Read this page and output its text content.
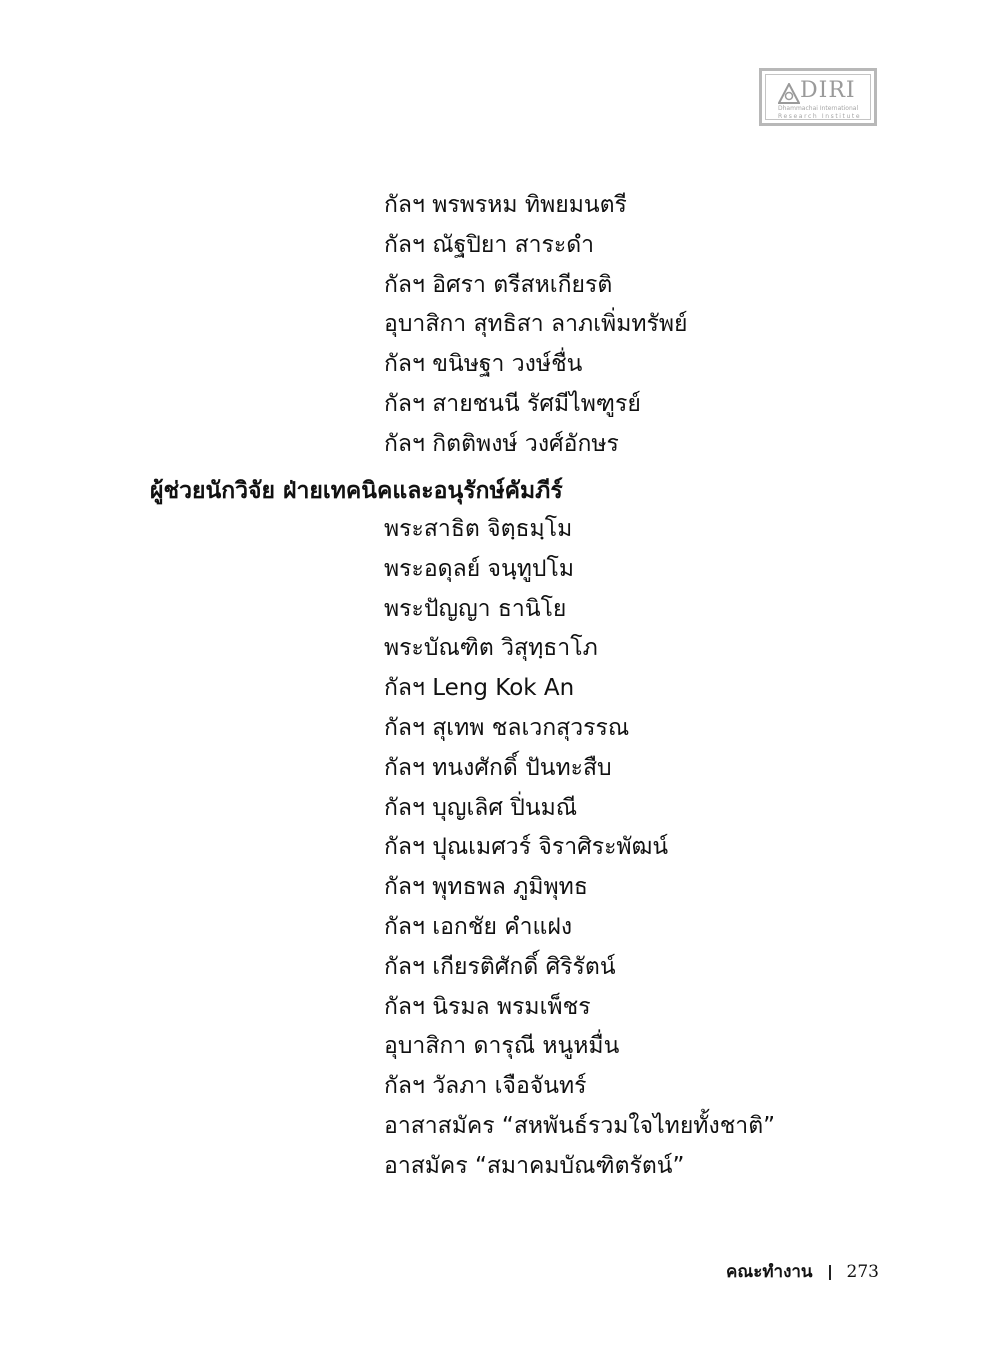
DIRI
Dhammachai International
Research Institute
กัลฯ พรพรหม ทิพยมนตรี
กัลฯ ณัฐปิยา สาระดำ
กัลฯ อิศรา ตรีสหเกียรติ
อุบาสิกา สุทธิสา ลาภเพิ่มทรัพย์
กัลฯ ขนิษฐา วงษ์ชื่น
กัลฯ สายชนนี รัศมีไพฑูรย์
กัลฯ กิตติพงษ์ วงศ์อักษร
ผู้ช่วยนักวิจัย ฝ่ายเทคนิคและอนุรักษ์คัมภีร์
พระสาธิต จิตฺธมฺโม
พระอดุลย์ จนฺทูปโม
พระปัญญา ธานิโย
พระบัณฑิต วิสุทฺธาโภ
กัลฯ Leng Kok An
กัลฯ สุเทพ ชลเวกสุวรรณ
กัลฯ ทนงศักดิ์ ปันทะสืบ
กัลฯ บุญเลิศ ปิ่นมณี
กัลฯ ปุณเมศวร์ จิราศิระพัฒน์
กัลฯ พุทธพล ภูมิพุทธ
กัลฯ เอกชัย คำแฝง
กัลฯ เกียรติศักดิ์ ศิริรัตน์
กัลฯ นิรมล พรมเพ็ชร
อุบาสิกา ดารุณี หนูหมื่น
กัลฯ วัลภา เจือจันทร์
อาสาสมัคร “สหพันธ์รวมใจไทยทั้งชาติ”
อาสมัคร “สมาคมบัณฑิตรัตน์”
คณะทำงาน 273
